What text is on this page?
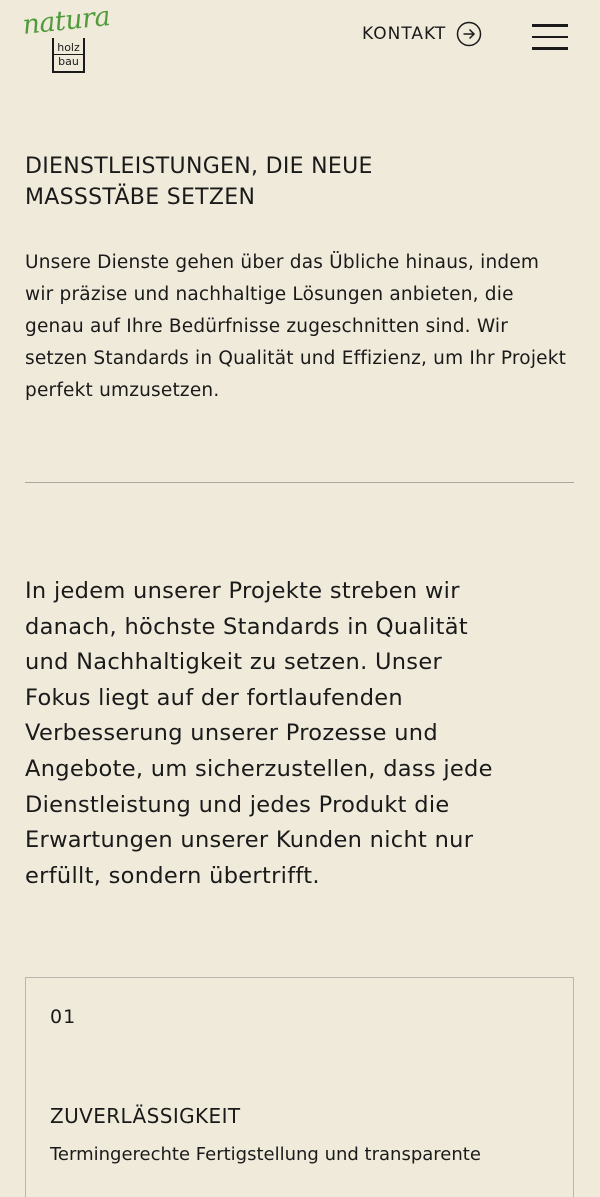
natura
holz
bau
KONTAKT
DIENSTLEISTUNGEN, DIE NEUE
MASSSTÄBE SETZEN

Unsere Dienste gehen über das Übliche hinaus, indem wir präzise und nachhaltige Lösungen anbieten, die genau auf Ihre Bedürfnisse zugeschnitten sind. Wir setzen Standards in Qualität und Effizienz, um Ihr Projekt perfekt umzusetzen.

In jedem unserer Projekte streben wir danach, höchste Standards in Qualität und Nachhaltigkeit zu setzen. Unser Fokus liegt auf der fortlaufenden Verbesserung unserer Prozesse und Angebote, um sicherzustellen, dass jede Dienstleistung und jedes Produkt die Erwartungen unserer Kunden nicht nur erfüllt, sondern übertrifft.

01
ZUVERLÄSSIGKEIT

Termingerechte Fertigstellung und transparente
